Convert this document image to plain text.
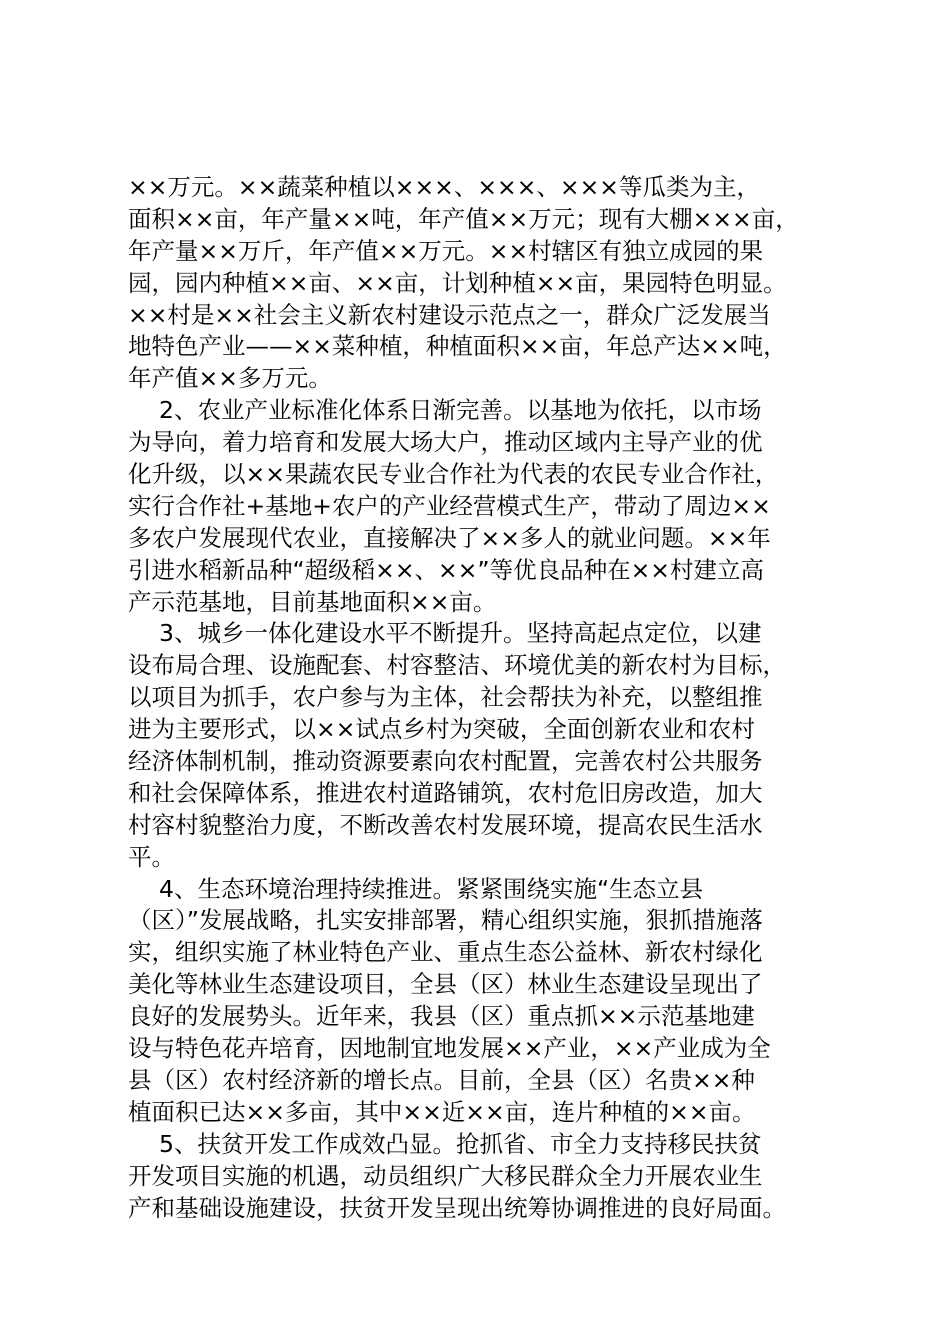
××万元。××蔬菜种植以×××、×××、×××等瓜类为主，
面积××亩，年产量××吨，年产值××万元；现有大棚×××亩，
年产量××万斤，年产值××万元。××村辖区有独立成园的果
园，园内种植××亩、××亩，计划种植××亩，果园特色明显。
××村是××社会主义新农村建设示范点之一，群众广泛发展当
地特色产业——××菜种植，种植面积××亩，年总产达××吨，
年产值××多万元。
2、农业产业标准化体系日渐完善。以基地为依托，以市场
为导向，着力培育和发展大场大户，推动区域内主导产业的优
化升级，以××果蔬农民专业合作社为代表的农民专业合作社，
实行合作社+基地+农户的产业经营模式生产，带动了周边××
多农户发展现代农业，直接解决了××多人的就业问题。××年
引进水稻新品种“超级稻××、××”等优良品种在××村建立高
产示范基地，目前基地面积××亩。
3、城乡一体化建设水平不断提升。坚持高起点定位，以建
设布局合理、设施配套、村容整洁、环境优美的新农村为目标，
以项目为抓手，农户参与为主体，社会帮扶为补充，以整组推
进为主要形式，以××试点乡村为突破，全面创新农业和农村
经济体制机制，推动资源要素向农村配置，完善农村公共服务
和社会保障体系，推进农村道路铺筑，农村危旧房改造，加大
村容村貌整治力度，不断改善农村发展环境，提高农民生活水
平。
4、生态环境治理持续推进。紧紧围绕实施“生态立县
（区）”发展战略，扎实安排部署，精心组织实施，狠抓措施落
实，组织实施了林业特色产业、重点生态公益林、新农村绿化
美化等林业生态建设项目，全县（区）林业生态建设呈现出了
良好的发展势头。近年来，我县（区）重点抓××示范基地建
设与特色花卉培育，因地制宜地发展××产业，××产业成为全
县（区）农村经济新的增长点。目前，全县（区）名贵××种
植面积已达××多亩，其中××近××亩，连片种植的××亩。
5、扶贫开发工作成效凸显。抢抓省、市全力支持移民扶贫
开发项目实施的机遇，动员组织广大移民群众全力开展农业生
产和基础设施建设，扶贫开发呈现出统筹协调推进的良好局面。
